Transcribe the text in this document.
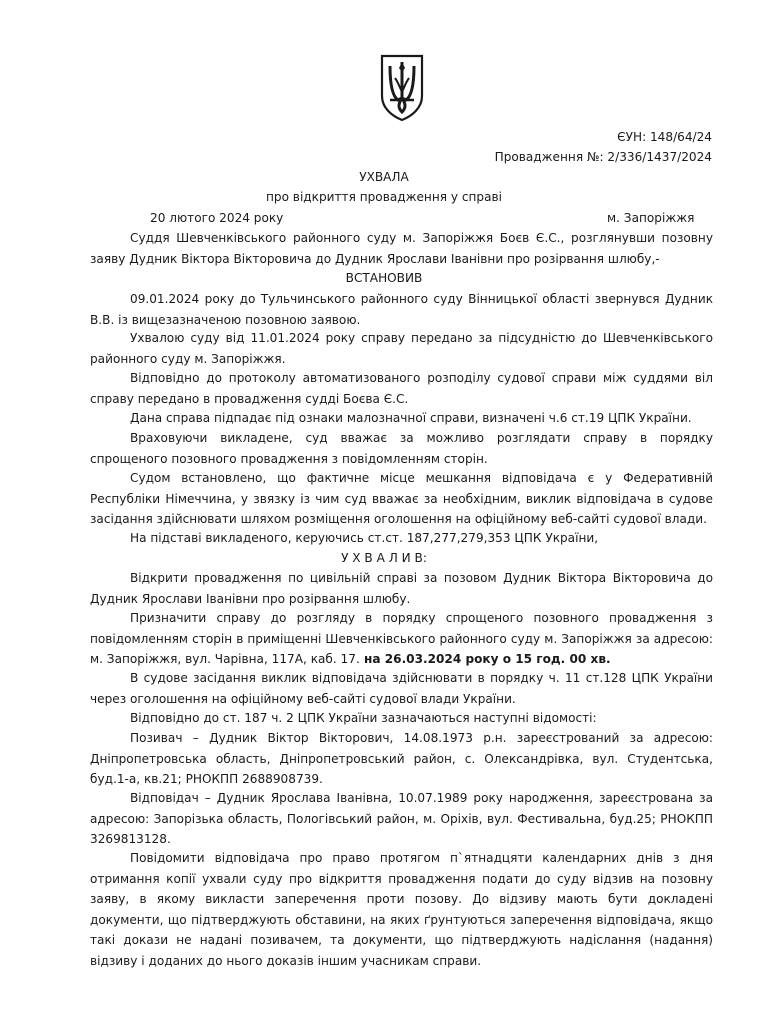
ЄУН: 148/64/24
Провадження №: 2/336/1437/2024
УХВАЛА
про відкриття провадження у справі
20 лютого 2024 року	м. Запоріжжя

Суддя Шевченківського районного суду м. Запоріжжя Боєв Є.С., розглянувши позовну заяву Дудник Віктора Вікторовича до Дудник Ярослави Іванівни про розірвання шлюбу,-

ВСТАНОВИВ

09.01.2024 року до Тульчинського районного суду Вінницької області звернувся Дудник В.В. із вищезазначеною позовною заявою.

Ухвалою суду від 11.01.2024 року справу передано за підсудністю до Шевченківського районного суду м. Запоріжжя.

Відповідно до протоколу автоматизованого розподілу судової справи між суддями віл справу передано в провадження судді Боєва Є.С.

Дана справа підпадає під ознаки малозначної справи, визначені ч.6 ст.19 ЦПК України.

Враховуючи викладене, суд вважає за можливо розглядати справу в порядку спрощеного позовного провадження з повідомленням сторін.

Судом встановлено, що фактичне місце мешкання відповідача є у Федеративній Республіки Німеччина, у звязку із чим суд вважає за необхідним, виклик відповідача в судове засідання здійснювати шляхом розміщення оголошення на офіційному веб-сайті судової влади.

На підставі викладеного, керуючись ст.ст. 187,277,279,353 ЦПК України,

У Х В А Л И В:

Відкрити провадження по цивільній справі за позовом Дудник Віктора Вікторовича до Дудник Ярослави Іванівни про розірвання шлюбу.

Призначити справу до розгляду в порядку спрощеного позовного провадження з повідомленням сторін в приміщенні Шевченківського районного суду м. Запоріжжя за адресою: м. Запоріжжя, вул. Чарівна, 117А, каб. 17. на 26.03.2024 року о 15 год. 00 хв.

В судове засідання виклик відповідача здійснювати в порядку ч. 11 ст.128 ЦПК України через оголошення на офіційному веб-сайті судової влади України.

Відповідно до ст. 187 ч. 2 ЦПК України зазначаються наступні відомості:

Позивач – Дудник Віктор Вікторович, 14.08.1973 р.н. зареєстрований за адресою: Дніпропетровська область, Дніпропетровський район, с. Олександрівка, вул. Студентська, буд.1-а, кв.21; РНОКПП 2688908739.

Відповідач – Дудник Ярослава Іванівна, 10.07.1989 року народження, зареєстрована за адресою: Запорізька область, Пологівський район, м. Оріхів, вул. Фестивальна, буд.25; РНОКПП 3269813128.

Повідомити відповідача про право протягом п`ятнадцяти календарних днів з дня отримання копії ухвали суду про відкриття провадження подати до суду відзив на позовну заяву, в якому викласти заперечення проти позову. До відзиву мають бути докладені документи, що підтверджують обставини, на яких ґрунтуються заперечення відповідача, якщо такі докази не надані позивачем, та документи, що підтверджують надіслання (надання) відзиву і доданих до нього доказів іншим учасникам справи.
